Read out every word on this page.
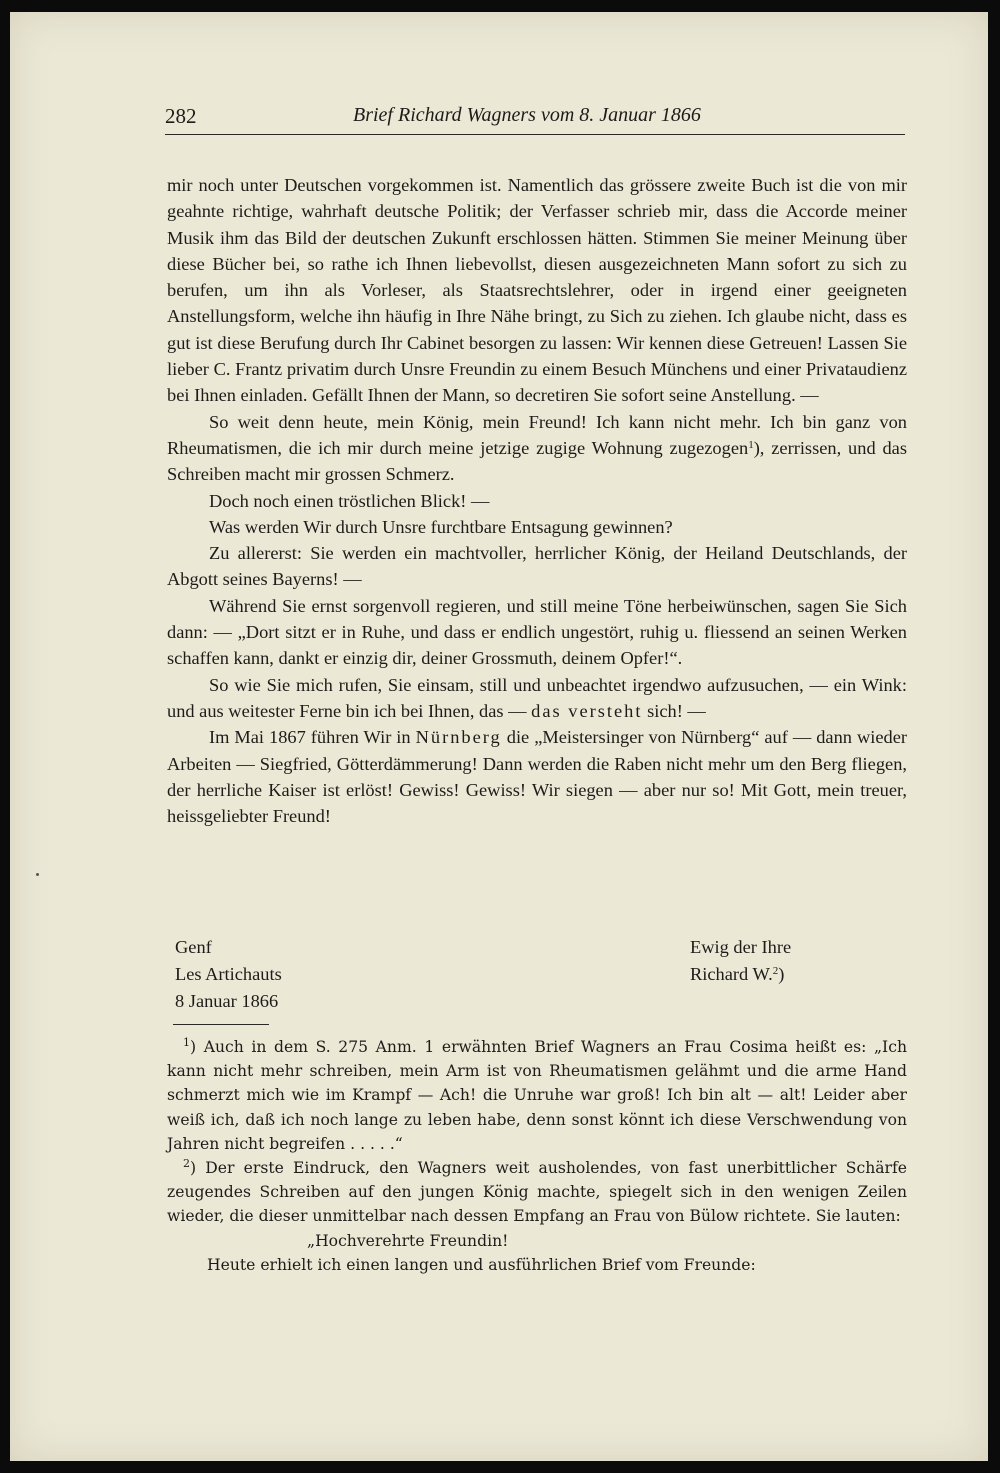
282	Brief Richard Wagners vom 8. Januar 1866

mir noch unter Deutschen vorgekommen ist. Namentlich das grössere zweite Buch ist die von mir geahnte richtige, wahrhaft deutsche Politik; der Verfasser schrieb mir, dass die Accorde meiner Musik ihm das Bild der deutschen Zukunft erschlossen hätten. Stimmen Sie meiner Meinung über diese Bücher bei, so rathe ich Ihnen liebevollst, diesen ausgezeichneten Mann sofort zu sich zu berufen, um ihn als Vorleser, als Staatsrechtslehrer, oder in irgend einer geeigneten Anstellungsform, welche ihn häufig in Ihre Nähe bringt, zu Sich zu ziehen. Ich glaube nicht, dass es gut ist diese Berufung durch Ihr Cabinet besorgen zu lassen: Wir kennen diese Getreuen! Lassen Sie lieber C. Frantz privatim durch Unsre Freundin zu einem Besuch Münchens und einer Privataudienz bei Ihnen einladen. Gefällt Ihnen der Mann, so decretiren Sie sofort seine Anstellung. —

So weit denn heute, mein König, mein Freund! Ich kann nicht mehr. Ich bin ganz von Rheumatismen, die ich mir durch meine jetzige zugige Wohnung zugezogen$^1$), zerrissen, und das Schreiben macht mir grossen Schmerz.

Doch noch einen tröstlichen Blick! —

Was werden Wir durch Unsre furchtbare Entsagung gewinnen?

Zu allererst: Sie werden ein machtvoller, herrlicher König, der Heiland Deutschlands, der Abgott seines Bayerns! —

Während Sie ernst sorgenvoll regieren, und still meine Töne herbeiwünschen, sagen Sie Sich dann: — „Dort sitzt er in Ruhe, und dass er endlich ungestört, ruhig u. fliessend an seinen Werken schaffen kann, dankt er einzig dir, deiner Grossmuth, deinem Opfer!“.

So wie Sie mich rufen, Sie einsam, still und unbeachtet irgendwo aufzusuchen, — ein Wink: und aus weitester Ferne bin ich bei Ihnen, das — das versteht sich! —

Im Mai 1867 führen Wir in Nürnberg die „Meistersinger von Nürnberg“ auf — dann wieder Arbeiten — Siegfried, Götterdämmerung! Dann werden die Raben nicht mehr um den Berg fliegen, der herrliche Kaiser ist erlöst! Gewiss! Gewiss! Wir siegen — aber nur so! Mit Gott, mein treuer, heissgeliebter Freund!

Genf
Les Artichauts
8 Januar 1866
Ewig der Ihre
Richard W.$^2$)

$^1$) Auch in dem S. 275 Anm. 1 erwähnten Brief Wagners an Frau Cosima heißt es: „Ich kann nicht mehr schreiben, mein Arm ist von Rheumatismen gelähmt und die arme Hand schmerzt mich wie im Krampf — Ach! die Unruhe war groß! Ich bin alt — alt! Leider aber weiß ich, daß ich noch lange zu leben habe, denn sonst könnt ich diese Verschwendung von Jahren nicht begreifen . . . . .“

$^2$) Der erste Eindruck, den Wagners weit ausholendes, von fast unerbittlicher Schärfe zeugendes Schreiben auf den jungen König machte, spiegelt sich in den wenigen Zeilen wieder, die dieser unmittelbar nach dessen Empfang an Frau von Bülow richtete. Sie lauten:

„Hochverehrte Freundin!

Heute erhielt ich einen langen und ausführlichen Brief vom Freunde:
